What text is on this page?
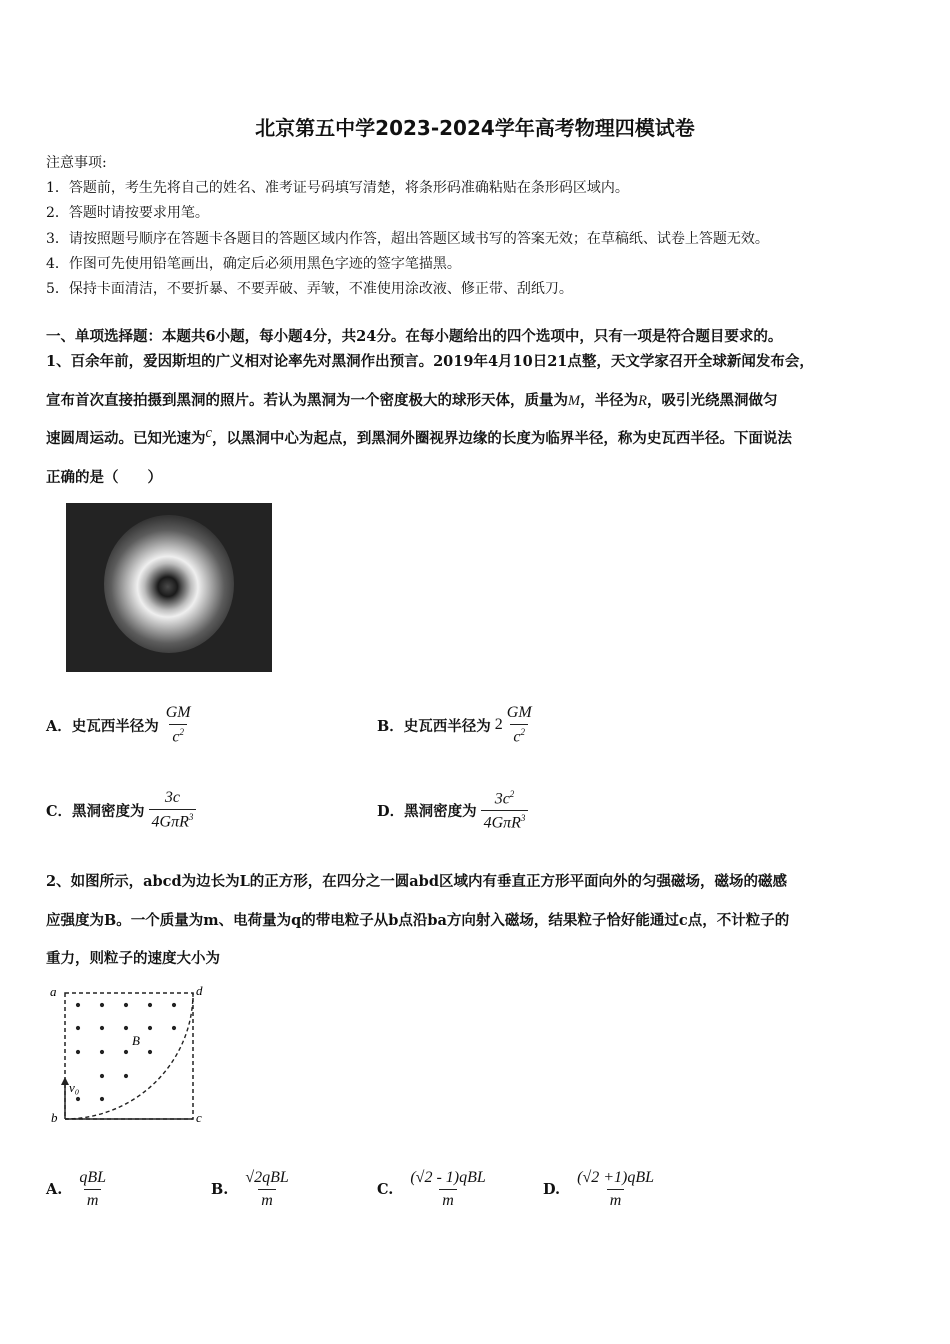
北京第五中学2023-2024学年高考物理四模试卷
注意事项:
1．答题前，考生先将自己的姓名、准考证号码填写清楚，将条形码准确粘贴在条形码区域内。
2．答题时请按要求用笔。
3．请按照题号顺序在答题卡各题目的答题区域内作答，超出答题区域书写的答案无效；在草稿纸、试卷上答题无效。
4．作图可先使用铅笔画出，确定后必须用黑色字迹的签字笔描黑。
5．保持卡面清洁，不要折暴、不要弄破、弄皱，不准使用涂改液、修正带、刮纸刀。
一、单项选择题：本题共6小题，每小题4分，共24分。在每小题给出的四个选项中，只有一项是符合题目要求的。
1、百余年前，爱因斯坦的广义相对论率先对黑洞作出预言。2019年4月10日21点整，天文学家召开全球新闻发布会，
宣布首次直接拍摄到黑洞的照片。若认为黑洞为一个密度极大的球形天体，质量为M，半径为R，吸引光绕黑洞做匀
速圆周运动。已知光速为c，以黑洞中心为起点，到黑洞外圈视界边缘的长度为临界半径，称为史瓦西半径。下面说法
正确的是（　　）
A．史瓦西半径为 $\frac{GM}{c^2}$	B．史瓦西半径为 $2 \frac{GM}{c^2}$
C．黑洞密度为 $\frac{3c}{4G\pi R^3}$	D．黑洞密度为 $\frac{3c^2}{4G\pi R^3}$
2、如图所示，abcd为边长为L的正方形，在四分之一圆abd区域内有垂直正方形平面向外的匀强磁场，磁场的磁感
应强度为B。一个质量为m、电荷量为q的带电粒子从b点沿ba方向射入磁场，结果粒子恰好能通过c点，不计粒子的
重力，则粒子的速度大小为
a	d
b	c
B
v₀
A. $\frac{\text{qBL}}{m}$	B. $\frac{\text{√2qBL}}{m}$	C. $\frac{\text{(√2 - 1)qBL}}{m}$	D. $\frac{\text{(√2 +1)qBL}}{m}$
